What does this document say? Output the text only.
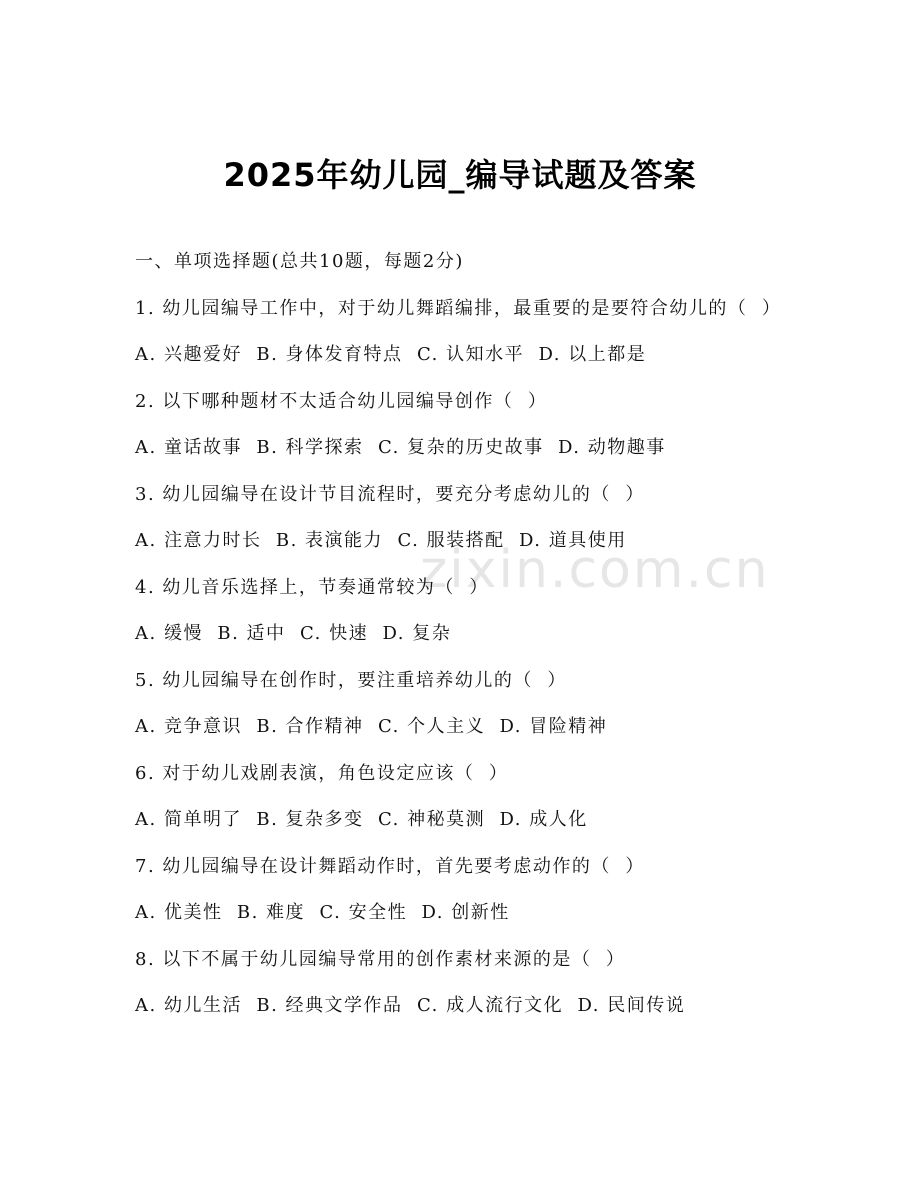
2025年幼儿园_编导试题及答案
zixin.com.cn
一、单项选择题(总共10题，每题2分)
1. 幼儿园编导工作中，对于幼儿舞蹈编排，最重要的是要符合幼儿的（  ）
A. 兴趣爱好  B. 身体发育特点  C. 认知水平  D. 以上都是
2. 以下哪种题材不太适合幼儿园编导创作（  ）
A. 童话故事  B. 科学探索  C. 复杂的历史故事  D. 动物趣事
3. 幼儿园编导在设计节目流程时，要充分考虑幼儿的（  ）
A. 注意力时长  B. 表演能力  C. 服装搭配  D. 道具使用
4. 幼儿音乐选择上，节奏通常较为（  ）
A. 缓慢  B. 适中  C. 快速  D. 复杂
5. 幼儿园编导在创作时，要注重培养幼儿的（  ）
A. 竞争意识  B. 合作精神  C. 个人主义  D. 冒险精神
6. 对于幼儿戏剧表演，角色设定应该（  ）
A. 简单明了  B. 复杂多变  C. 神秘莫测  D. 成人化
7. 幼儿园编导在设计舞蹈动作时，首先要考虑动作的（  ）
A. 优美性  B. 难度  C. 安全性  D. 创新性
8. 以下不属于幼儿园编导常用的创作素材来源的是（  ）
A. 幼儿生活  B. 经典文学作品  C. 成人流行文化  D. 民间传说
